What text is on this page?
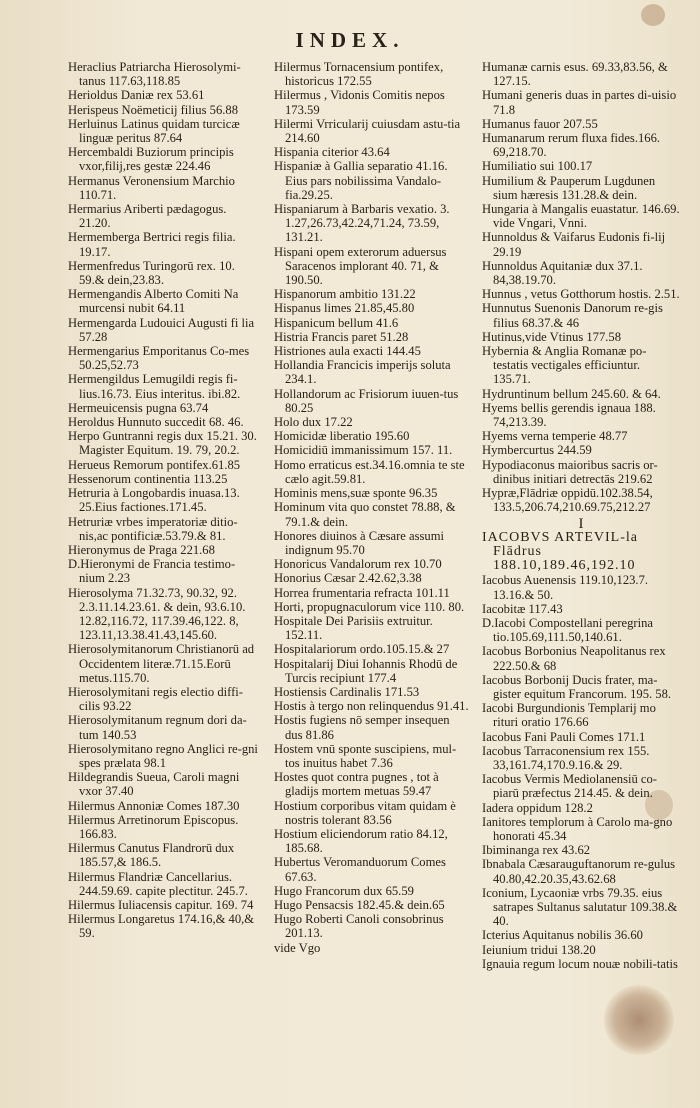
INDEX.

Heraclius Patriarcha Hierosolymi-tanus 117.63,118.85

Herioldus Daniæ rex 53.61

Herispeus Noëmeticij filius 56.88

Herluinus Latinus quidam turcicæ linguæ peritus 87.64

Hercembaldi Buziorum principis vxor,filij,res gestæ 224.46

Hermanus Veronensium Marchio 110.71.

Hermarius Ariberti pædagogus. 21.20.

Hermemberga Bertrici regis filia. 19.17.

Hermenfredus Turingorū rex. 10. 59.& dein,23.83.

Hermengandis Alberto Comiti Na murcensi nubit 64.11

Hermengarda Ludouici Augusti fi lia 57.28

Hermengarius Emporitanus Co-mes 50.25,52.73

Hermengildus Lemugildi regis fi-lius.16.73. Eius interitus. ibi.82.

Hermeuicensis pugna 63.74

Heroldus Hunnuto succedit 68. 46.

Herpo Guntranni regis dux 15.21. 30. Magister Equitum. 19. 79, 20.2.

Herueus Remorum pontifex.61.85

Hessenorum continentia 113.25

Hetruria à Longobardis inuasa.13. 25.Eius factiones.171.45.

Hetruriæ vrbes imperatoriæ ditio-nis,ac pontificiæ.53.79.& 81.

Hieronymus de Praga 221.68

D.Hieronymi de Francia testimo-nium 2.23

Hierosolyma 71.32.73, 90.32, 92. 2.3.11.14.23.61. & dein, 93.6.10. 12.82,116.72, 117.39.46,122. 8, 123.11,13.38.41.43,145.60.

Hierosolymitanorum Christianorū ad Occidentem literæ.71.15.Eorū metus.115.70.

Hierosolymitani regis electio diffi-cilis 93.22

Hierosolymitanum regnum dori da-tum 140.53

Hierosolymitano regno Anglici re-gni spes prælata 98.1

Hildegrandis Sueua, Caroli magni vxor 37.40

Hilermus Annoniæ Comes 187.30

Hilermus Arretinorum Episcopus. 166.83.

Hilermus Canutus Flandrorū dux 185.57,& 186.5.

Hilermus Flandriæ Cancellarius. 244.59.69. capite plectitur. 245.7.

Hilermus Iuliacensis capitur. 169. 74

Hilermus Longaretus 174.16,& 40,& 59.

Hilermus Tornacensium pontifex, historicus 172.55

Hilermus , Vidonis Comitis nepos 173.59

Hilermi Vrricularij cuiusdam astu-tia 214.60

Hispania citerior 43.64

Hispaniæ à Gallia separatio 41.16. Eius pars nobilissima Vandalo-fia.29.25.

Hispaniarum à Barbaris vexatio. 3. 1.27,26.73,42.24,71.24, 73.59, 131.21.

Hispani opem exterorum aduersus Saracenos implorant 40. 71, & 190.50.

Hispanorum ambitio 131.22

Hispanus limes 21.85,45.80

Hispanicum bellum 41.6

Histria Francis paret 51.28

Histriones aula exacti 144.45

Hollandia Francicis imperijs soluta 234.1.

Hollandorum ac Frisiorum iuuen-tus 80.25

Holo dux 17.22

Homicidæ liberatio 195.60

Homicidiū immanissimum 157. 11.

Homo erraticus est.34.16.omnia te ste cælo agit.59.81.

Hominis mens,suæ sponte 96.35

Hominum vita quo constet 78.88, & 79.1.& dein.

Honores diuinos à Cæsare assumi indignum 95.70

Honoricus Vandalorum rex 10.70

Honorius Cæsar 2.42.62,3.38

Horrea frumentaria refracta 101.11

Horti, propugnaculorum vice 110. 80.

Hospitale Dei Parisiis extruitur. 152.11.

Hospitalariorum ordo.105.15.& 27

Hospitalarij Diui Iohannis Rhodū de Turcis recipiunt 177.4

Hostiensis Cardinalis 171.53

Hostis à tergo non relinquendus 91.41.

Hostis fugiens nō semper insequen dus 81.86

Hostem vnū sponte suscipiens, mul-tos inuitus habet 7.36

Hostes quot contra pugnes , tot à gladijs mortem metuas 59.47

Hostium corporibus vitam quidam è nostris tolerant 83.56

Hostium eliciendorum ratio 84.12, 185.68.

Hubertus Veromanduorum Comes 67.63.

Hugo Francorum dux 65.59

Hugo Pensacsis 182.45.& dein.65

Hugo Roberti Canoli consobrinus 201.13.

vide Vgo

Humanæ carnis esus. 69.33,83.56, & 127.15.

Humani generis duas in partes di-uisio 71.8

Humanus fauor 207.55

Humanarum rerum fluxa fides.166. 69,218.70.

Humiliatio sui 100.17

Humilium & Pauperum Lugdunen sium hæresis 131.28.& dein.

Hungaria à Mangalis euastatur. 146.69. vide Vngari, Vnni.

Hunnoldus & Vaifarus Eudonis fi-lij 29.19

Hunnoldus Aquitaniæ dux 37.1. 84,38.19.70.

Hunnus , vetus Gotthorum hostis. 2.51.

Hunnutus Suenonis Danorum re-gis filius 68.37.& 46

Hutinus,vide Vtinus 177.58

Hybernia & Anglia Romanæ po-testatis vectigales efficiuntur. 135.71.

Hydruntinum bellum 245.60. & 64.

Hyems bellis gerendis ignaua 188. 74,213.39.

Hyems verna temperie 48.77

Hymbercurtus 244.59

Hypodiaconus maioribus sacris or-dinibus initiari detrectās 219.62

Hypræ,Flādriæ oppidū.102.38.54, 133.5,206.74,210.69.75,212.27

I

IACOBVS ARTEVIL-la Flādrus 188.10,189.46,192.10

Iacobus Auenensis 119.10,123.7. 13.16.& 50.

Iacobitæ 117.43

D.Iacobi Compostellani peregrina tio.105.69,111.50,140.61.

Iacobus Borbonius Neapolitanus rex 222.50.& 68

Iacobus Borbonij Ducis frater, ma-gister equitum Francorum. 195. 58.

Iacobi Burgundionis Templarij mo rituri oratio 176.66

Iacobus Fani Pauli Comes 171.1

Iacobus Tarraconensium rex 155. 33,161.74,170.9.16.& 29.

Iacobus Vermis Mediolanensiū co-piarū præfectus 214.45. & dein.

Iadera oppidum 128.2

Ianitores templorum à Carolo ma-gno honorati 45.34

Ibiminanga rex 43.62

Ibnabala Cæsarauguftanorum re-gulus 40.80,42.20.35,43.62.68

Iconium, Lycaoniæ vrbs 79.35. eius satrapes Sultanus salutatur 109.38.& 40.

Icterius Aquitanus nobilis 36.60

Ieiunium tridui 138.20

Ignauia regum locum nouæ nobili-tatis
